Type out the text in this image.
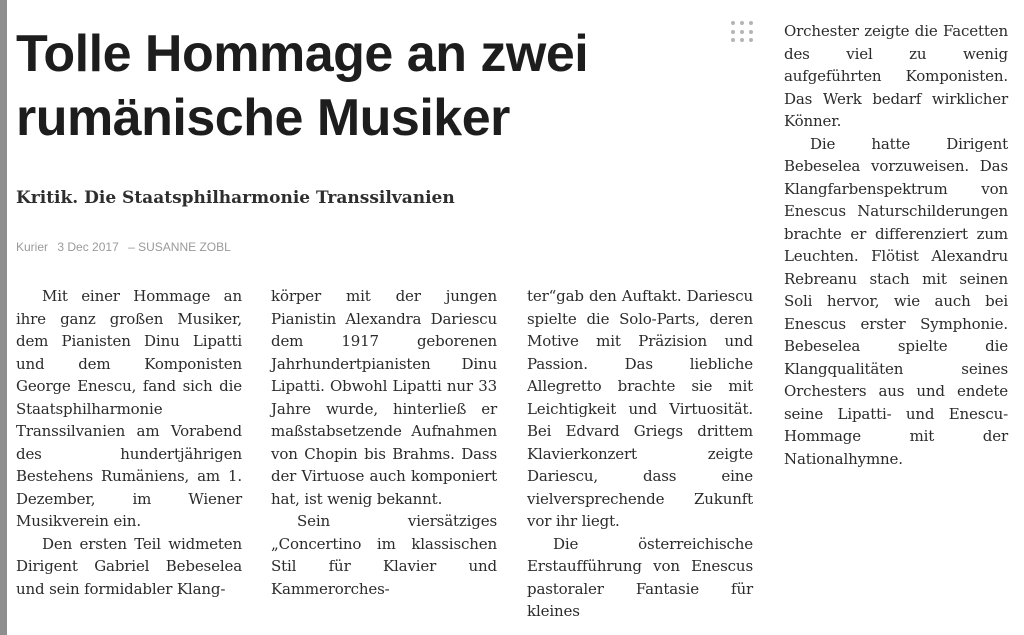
Tolle Hommage an zwei
rumänische Musiker
Kritik. Die Staatsphilharmonie Transsilvanien
Kurier 3 Dec 2017 – SUSANNE ZOBL

Mit einer Hommage an ihre ganz großen Musiker, dem Pianisten Dinu Lipatti und dem Komponisten George Enescu, fand sich die Staatsphilharmonie Transsilvanien am Vorabend des hundertjährigen Bestehens Rumäniens, am 1. Dezember, im Wiener Musikverein ein.

Den ersten Teil widmeten Dirigent Gabriel Bebeselea und sein formidabler Klang-

körper mit der jungen Pianistin Alexandra Dariescu dem 1917 geborenen Jahrhundertpianisten Dinu Lipatti. Obwohl Lipatti nur 33 Jahre wurde, hinterließ er maßstabsetzende Aufnahmen von Chopin bis Brahms. Dass der Virtuose auch komponiert hat, ist wenig bekannt.

Sein viersätziges „Concertino im klassischen Stil für Klavier und Kammerorches-

ter“gab den Auftakt. Dariescu spielte die Solo-Parts, deren Motive mit Präzision und Passion. Das liebliche Allegretto brachte sie mit Leichtigkeit und Virtuosität. Bei Edvard Griegs drittem Klavierkonzert zeigte Dariescu, dass eine vielversprechende Zukunft vor ihr liegt.

Die österreichische Erstaufführung von Enescus pastoraler Fantasie für kleines

Orchester zeigte die Facetten des viel zu wenig aufgeführten Komponisten. Das Werk bedarf wirklicher Könner.

Die hatte Dirigent Bebeselea vorzuweisen. Das Klangfarbenspektrum von Enescus Naturschilderungen brachte er differenziert zum Leuchten. Flötist Alexandru Rebreanu stach mit seinen Soli hervor, wie auch bei Enescus erster Symphonie. Bebeselea spielte die Klangqualitäten seines Orchesters aus und endete seine Lipatti- und Enescu-Hommage mit der Nationalhymne.
